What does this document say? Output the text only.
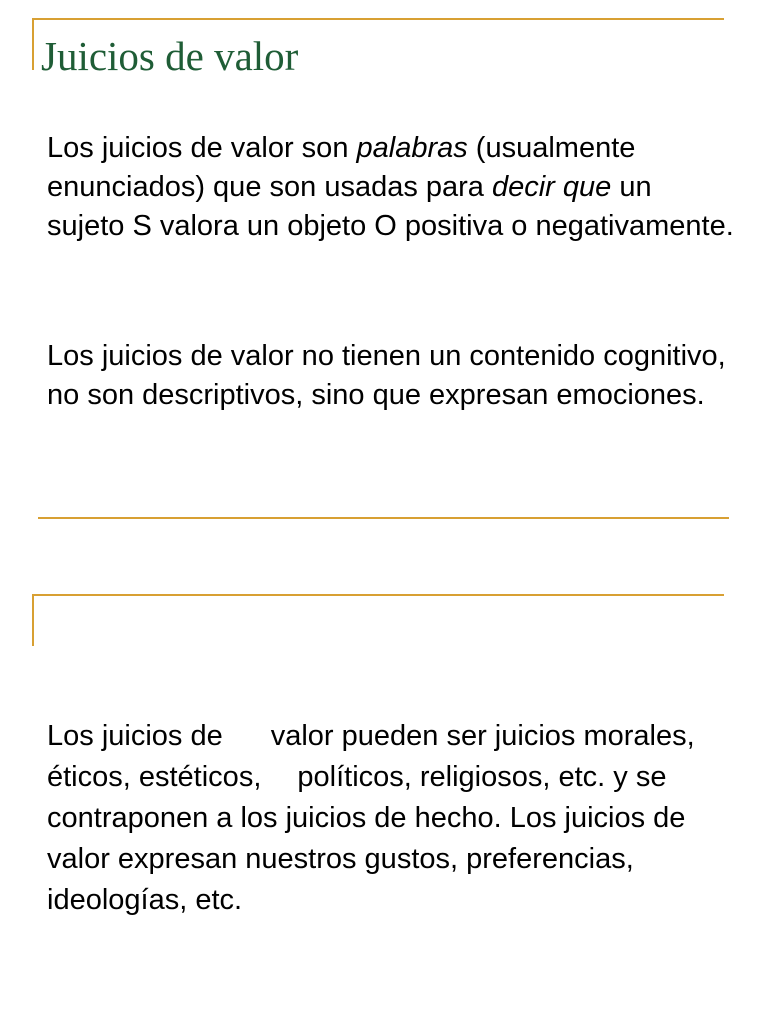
Juicios de valor

Los juicios de valor son palabras (usualmente enunciados) que son usadas para decir que un sujeto S valora un objeto O positiva o negativamente.

Los juicios de valor no tienen un contenido cognitivo, no son descriptivos, sino que expresan emociones.

Los juicios de valor pueden ser juicios morales, éticos, estéticos, políticos, religiosos, etc. y se contraponen a los juicios de hecho. Los juicios de valor expresan nuestros gustos, preferencias, ideologías, etc.
